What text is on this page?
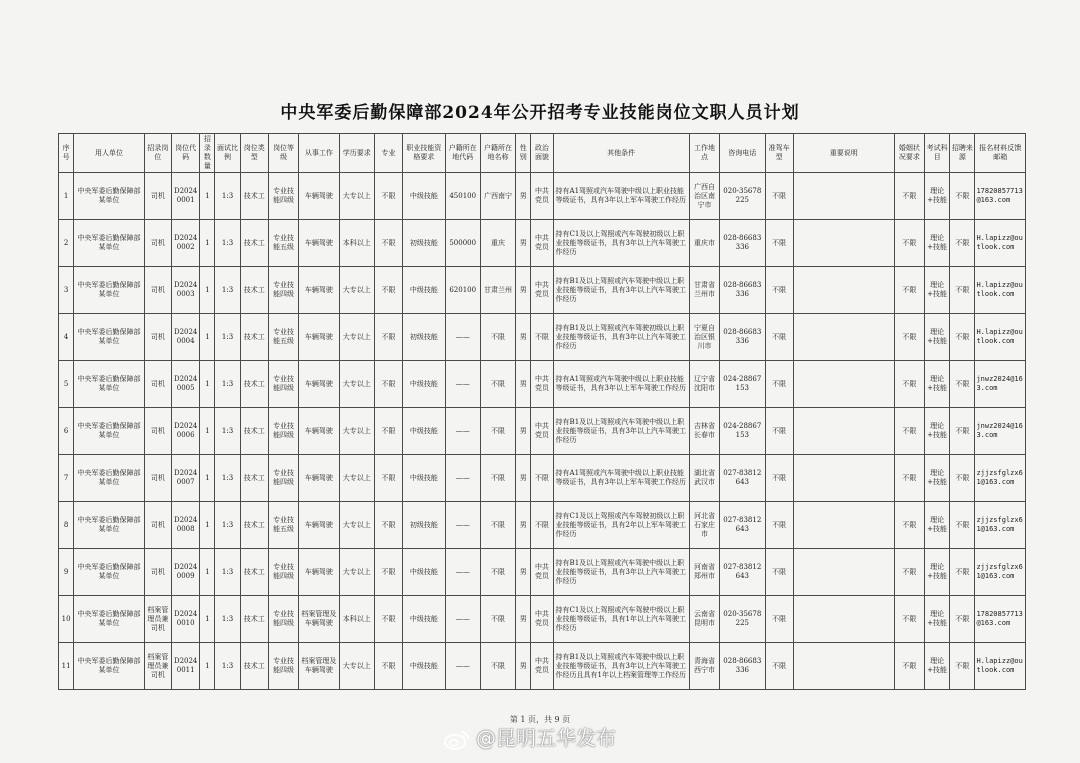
中央军委后勤保障部2024年公开招考专业技能岗位文职人员计划
序号	用人单位	招录岗位	岗位代码	招录数量	面试比例	岗位类型	岗位等级	从事工作	学历要求	专业	职业技能资格要求	户籍所在地代码	户籍所在地名称	性别	政治面貌	其他条件	工作地点	咨询电话	准驾车型	重要说明	婚姻状况要求	考试科目	招聘来源	报名材料反馈邮箱
1	中央军委后勤保障部某单位	司机	D2024 0001	1	1:3	技术工	专业技能四级	车辆驾驶	大专以上	不限	中级技能	450100	广西南宁	男	中共党员	持有A1驾照或汽车驾驶中级以上职业技能等级证书，具有3年以上军车驾驶工作经历	广西自治区南宁市	020-35678225	不限		不限	理论+技能	不限	17820857713@163.com
2	中央军委后勤保障部某单位	司机	D2024 0002	1	1:3	技术工	专业技能五级	车辆驾驶	本科以上	不限	初级技能	500000	重庆	男	中共党员	持有C1及以上驾照或汽车驾驶初级以上职业技能等级证书，具有3年以上汽车驾驶工作经历	重庆市	028-86683336	不限		不限	理论+技能	不限	H.lapizz@outlook.com
3	中央军委后勤保障部某单位	司机	D2024 0003	1	1:3	技术工	专业技能四级	车辆驾驶	大专以上	不限	中级技能	620100	甘肃兰州	男	中共党员	持有B1及以上驾照或汽车驾驶中级以上职业技能等级证书，具有3年以上汽车驾驶工作经历	甘肃省兰州市	028-86683336	不限		不限	理论+技能	不限	H.lapizz@outlook.com
4	中央军委后勤保障部某单位	司机	D2024 0004	1	1:3	技术工	专业技能五级	车辆驾驶	大专以上	不限	初级技能	——	不限	男	不限	持有B1及以上驾照或汽车驾驶初级以上职业技能等级证书，具有3年以上汽车驾驶工作经历	宁夏自治区银川市	028-86683336	不限		不限	理论+技能	不限	H.lapizz@outlook.com
5	中央军委后勤保障部某单位	司机	D2024 0005	1	1:3	技术工	专业技能四级	车辆驾驶	大专以上	不限	中级技能	——	不限	男	中共党员	持有A1驾照或汽车驾驶中级以上职业技能等级证书，具有3年以上军车驾驶工作经历	辽宁省沈阳市	024-28867153	不限		不限	理论+技能	不限	jnwz2024@163.com
6	中央军委后勤保障部某单位	司机	D2024 0006	1	1:3	技术工	专业技能四级	车辆驾驶	大专以上	不限	中级技能	——	不限	男	中共党员	持有B1及以上驾照或汽车驾驶中级以上职业技能等级证书，具有3年以上汽车驾驶工作经历	吉林省长春市	024-28867153	不限		不限	理论+技能	不限	jnwz2024@163.com
7	中央军委后勤保障部某单位	司机	D2024 0007	1	1:3	技术工	专业技能四级	车辆驾驶	大专以上	不限	中级技能	——	不限	男	不限	持有A1驾照或汽车驾驶中级以上职业技能等级证书，具有3年以上军车驾驶工作经历	湖北省武汉市	027-83812643	不限		不限	理论+技能	不限	zjjzsfglzx61@163.com
8	中央军委后勤保障部某单位	司机	D2024 0008	1	1:3	技术工	专业技能五级	车辆驾驶	大专以上	不限	初级技能	——	不限	男	不限	持有C1及以上驾照或汽车驾驶初级以上职业技能等级证书，具有2年以上军车驾驶工作经历	河北省石家庄市	027-83812643	不限		不限	理论+技能	不限	zjjzsfglzx61@163.com
9	中央军委后勤保障部某单位	司机	D2024 0009	1	1:3	技术工	专业技能四级	车辆驾驶	大专以上	不限	中级技能	——	不限	男	中共党员	持有B1及以上驾照或汽车驾驶中级以上职业技能等级证书，具有3年以上汽车驾驶工作经历	河南省郑州市	027-83812643	不限		不限	理论+技能	不限	zjjzsfglzx61@163.com
10	中央军委后勤保障部某单位	档案管理员兼司机	D2024 0010	1	1:3	技术工	专业技能四级	档案管理及车辆驾驶	本科以上	不限	中级技能	——	不限	男	中共党员	持有C1及以上驾照或汽车驾驶中级以上职业技能等级证书，具有1年以上汽车驾驶工作经历	云南省昆明市	020-35678225	不限		不限	理论+技能	不限	17820857713@163.com
11	中央军委后勤保障部某单位	档案管理员兼司机	D2024 0011	1	1:3	技术工	专业技能四级	档案管理及车辆驾驶	大专以上	不限	中级技能	——	不限	男	中共党员	持有B1及以上驾照或汽车驾驶中级以上职业技能等级证书，具有3年以上汽车驾驶工作经历且具有1年以上档案管理等工作经历	青海省西宁市	028-86683336	不限		不限	理论+技能	不限	H.lapizz@outlook.com
第 1 页，共 9 页
@昆明五华发布
